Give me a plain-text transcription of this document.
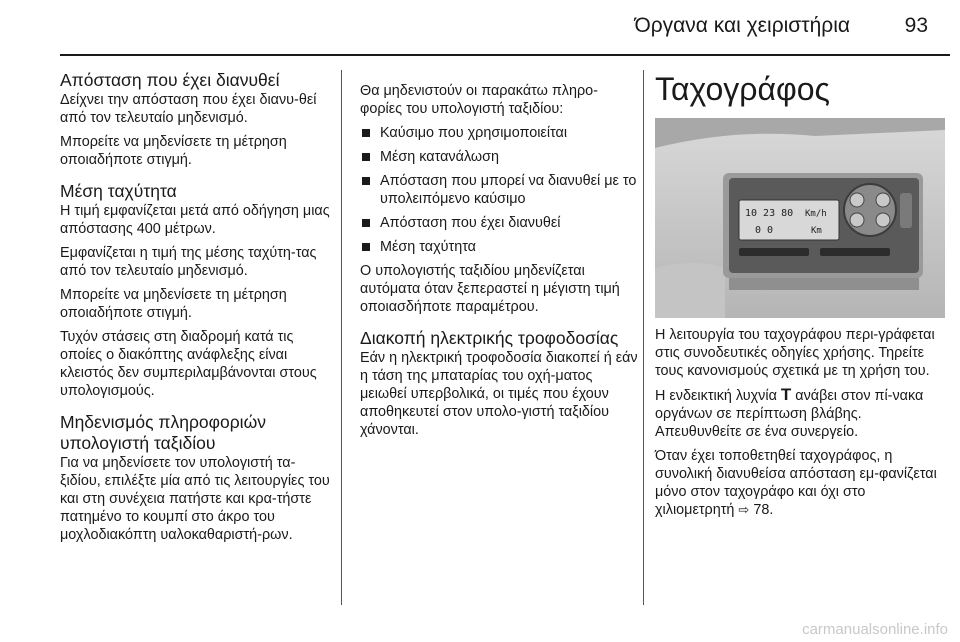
Όργανα και χειριστήρια	93
Απόσταση που έχει διανυθεί

Δείχνει την απόσταση που έχει διανυ-θεί από τον τελευταίο μηδενισμό.

Μπορείτε να μηδενίσετε τη μέτρηση οποιαδήποτε στιγμή.

Μέση ταχύτητα

Η τιμή εμφανίζεται μετά από οδήγηση μιας απόστασης 400 μέτρων.

Εμφανίζεται η τιμή της μέσης ταχύτη-τας από τον τελευταίο μηδενισμό.

Μπορείτε να μηδενίσετε τη μέτρηση οποιαδήποτε στιγμή.

Τυχόν στάσεις στη διαδρομή κατά τις οποίες ο διακόπτης ανάφλεξης είναι κλειστός δεν συμπεριλαμβάνονται στους υπολογισμούς.

Μηδενισμός πληροφοριών υπολογιστή ταξιδίου

Για να μηδενίσετε τον υπολογιστή τα-ξιδίου, επιλέξτε μία από τις λειτουργίες του και στη συνέχεια πατήστε και κρα-τήστε πατημένο το κουμπί στο άκρο του μοχλοδιακόπτη υαλοκαθαριστή-ρων.

Θα μηδενιστούν οι παρακάτω πληρο-φορίες του υπολογιστή ταξιδίου:

Καύσιμο που χρησιμοποιείται
Μέση κατανάλωση
Απόσταση που μπορεί να διανυθεί με το υπολειπόμενο καύσιμο
Απόσταση που έχει διανυθεί
Μέση ταχύτητα

Ο υπολογιστής ταξιδίου μηδενίζεται αυτόματα όταν ξεπεραστεί η μέγιστη τιμή οποιασδήποτε παραμέτρου.

Διακοπή ηλεκτρικής τροφοδοσίας

Εάν η ηλεκτρική τροφοδοσία διακοπεί ή εάν η τάση της μπαταρίας του οχή-ματος μειωθεί υπερβολικά, οι τιμές που έχουν αποθηκευτεί στον υπολο-γιστή ταξιδίου χάνονται.

Ταχογράφος
10 23 80 Km/h
0 0	Km

Η λειτουργία του ταχογράφου περι-γράφεται στις συνοδευτικές οδηγίες χρήσης. Τηρείτε τους κανονισμούς σχετικά με τη χρήση του.

Η ενδεικτική λυχνία T ανάβει στον πί-νακα οργάνων σε περίπτωση βλάβης. Απευθυνθείτε σε ένα συνεργείο.

Όταν έχει τοποθετηθεί ταχογράφος, η συνολική διανυθείσα απόσταση εμ-φανίζεται μόνο στον ταχογράφο και όχι στο χιλιομετρητή ⇨ 78.

carmanualsonline.info
